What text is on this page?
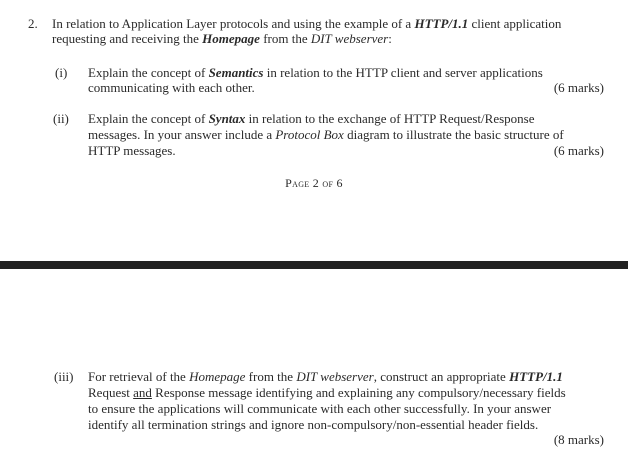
2. In relation to Application Layer protocols and using the example of a HTTP/1.1 client application
requesting and receiving the Homepage from the DIT webserver:
(i) Explain the concept of Semantics in relation to the HTTP client and server applications
communicating with each other.	(6 marks)
(ii) Explain the concept of Syntax in relation to the exchange of HTTP Request/Response
messages. In your answer include a Protocol Box diagram to illustrate the basic structure of
HTTP messages.	(6 marks)
Page 2 of 6
(iii) For retrieval of the Homepage from the DIT webserver, construct an appropriate HTTP/1.1
Request and Response message identifying and explaining any compulsory/necessary fields
to ensure the applications will communicate with each other successfully. In your answer
identify all termination strings and ignore non-compulsory/non-essential header fields.
(8 marks)
